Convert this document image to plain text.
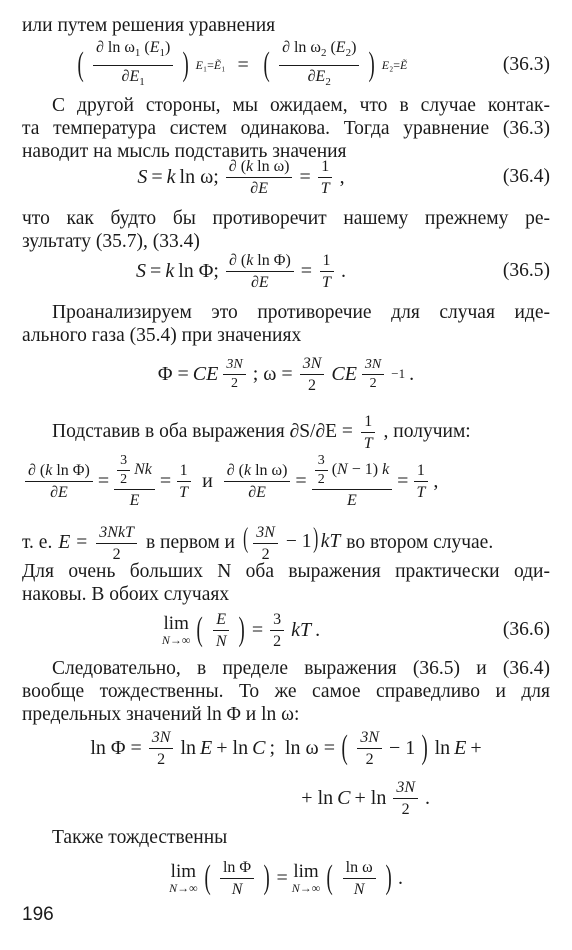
или путем решения уравнения
( ∂ $\ln \omega_1$ $(E_1)$
$\partial E_1$ ) E₁=Ẽ₁ = ( ∂ $\ln \omega_2$ $(E_2)$
$\partial E_2$ ) E₂=Ẽ	(36.3)
С другой стороны, мы ожидаем, что в случае контак-
та температура систем одинакова. Тогда уравнение (36.3)
наводит на мысль подставить значения
S = k ln ω; ∂ (k ln ω)
∂E
= 1
T
,	(36.4)
что как будто бы противоречит нашему прежнему ре-
зультату (35.7), (33.4)
S = k ln Φ; ∂ (k ln Φ)
∂E
= 1
T
.	(36.5)
Проанализируем это противоречие для случая иде-
ального газа (35.4) при значениях
Φ = CE 3N
2 ; ω = 3N
2
CE 3N
2
−1 .
Подставив в оба выражения $\partial S/\partial E = \frac{1}{T}$ , получим:
∂ (k ln Φ)
∂E
= $\frac{3}{2}$ Nk
E
= 1
T
и ∂ (k ln ω)
∂E
= $\frac{3}{2} (N - 1)$ k
E
= 1
T
,
т. е. E = 3NkT
2
в первом и ( $\frac{3N}{2} - 1$) kT во втором случае.
Для очень больших N оба выражения практически оди-
наковы. В обоих случаях
lim
N→∞ ( E
N ) = 3
2
kT .	(36.6)
Следовательно, в пределе выражения (36.5) и (36.4)
вообще тождественны. То же самое справедливо и для
предельных значений ln Φ и ln ω:
ln Φ = 3N
2
ln E + ln C ;  ln ω = ( 3N
2
− 1 ) ln E +
+ ln C + ln 3N
2
.
Также тождественны
lim
N→∞ ( ln Φ
N ) = lim
N→∞ ( ln ω
N ) .
196
